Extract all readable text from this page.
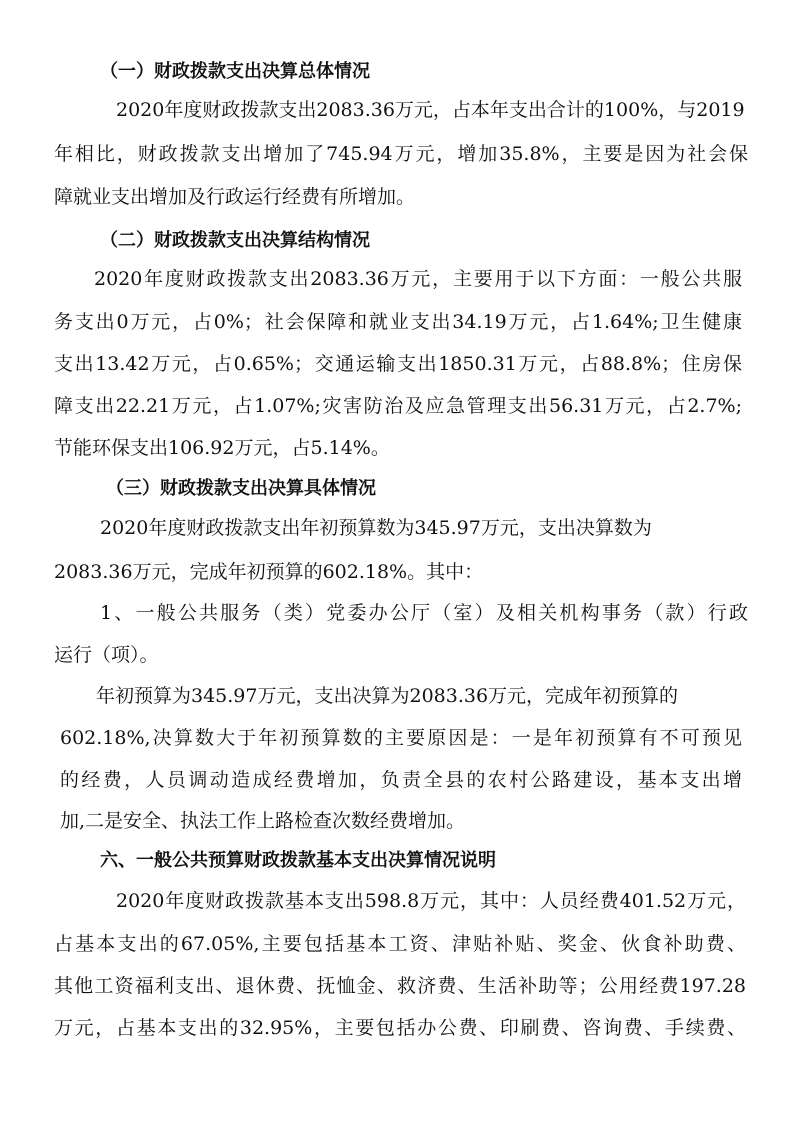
（一）财政拨款支出决算总体情况
2020年度财政拨款支出2083.36万元，占本年支出合计的100%，与2019
年相比，财政拨款支出增加了745.94万元，增加35.8%，主要是因为社会保
障就业支出增加及行政运行经费有所增加。
（二）财政拨款支出决算结构情况
2020年度财政拨款支出2083.36万元，主要用于以下方面：一般公共服
务支出0万元，占0%；社会保障和就业支出34.19万元，占1.64%;卫生健康
支出13.42万元，占0.65%；交通运输支出1850.31万元，占88.8%；住房保
障支出22.21万元，占1.07%;灾害防治及应急管理支出56.31万元，占2.7%;
节能环保支出106.92万元，占5.14%。
（三）财政拨款支出决算具体情况
2020年度财政拨款支出年初预算数为345.97万元，支出决算数为
2083.36万元，完成年初预算的602.18%。其中：
1、一般公共服务（类）党委办公厅（室）及相关机构事务（款）行政
运行（项）。
年初预算为345.97万元，支出决算为2083.36万元，完成年初预算的
602.18%,决算数大于年初预算数的主要原因是：一是年初预算有不可预见
的经费，人员调动造成经费增加，负责全县的农村公路建设，基本支出增
加,二是安全、执法工作上路检查次数经费增加。
六、一般公共预算财政拨款基本支出决算情况说明
2020年度财政拨款基本支出598.8万元，其中：人员经费401.52万元，
占基本支出的67.05%,主要包括基本工资、津贴补贴、奖金、伙食补助费、
其他工资福利支出、退休费、抚恤金、救济费、生活补助等；公用经费197.28
万元，占基本支出的32.95%，主要包括办公费、印刷费、咨询费、手续费、
